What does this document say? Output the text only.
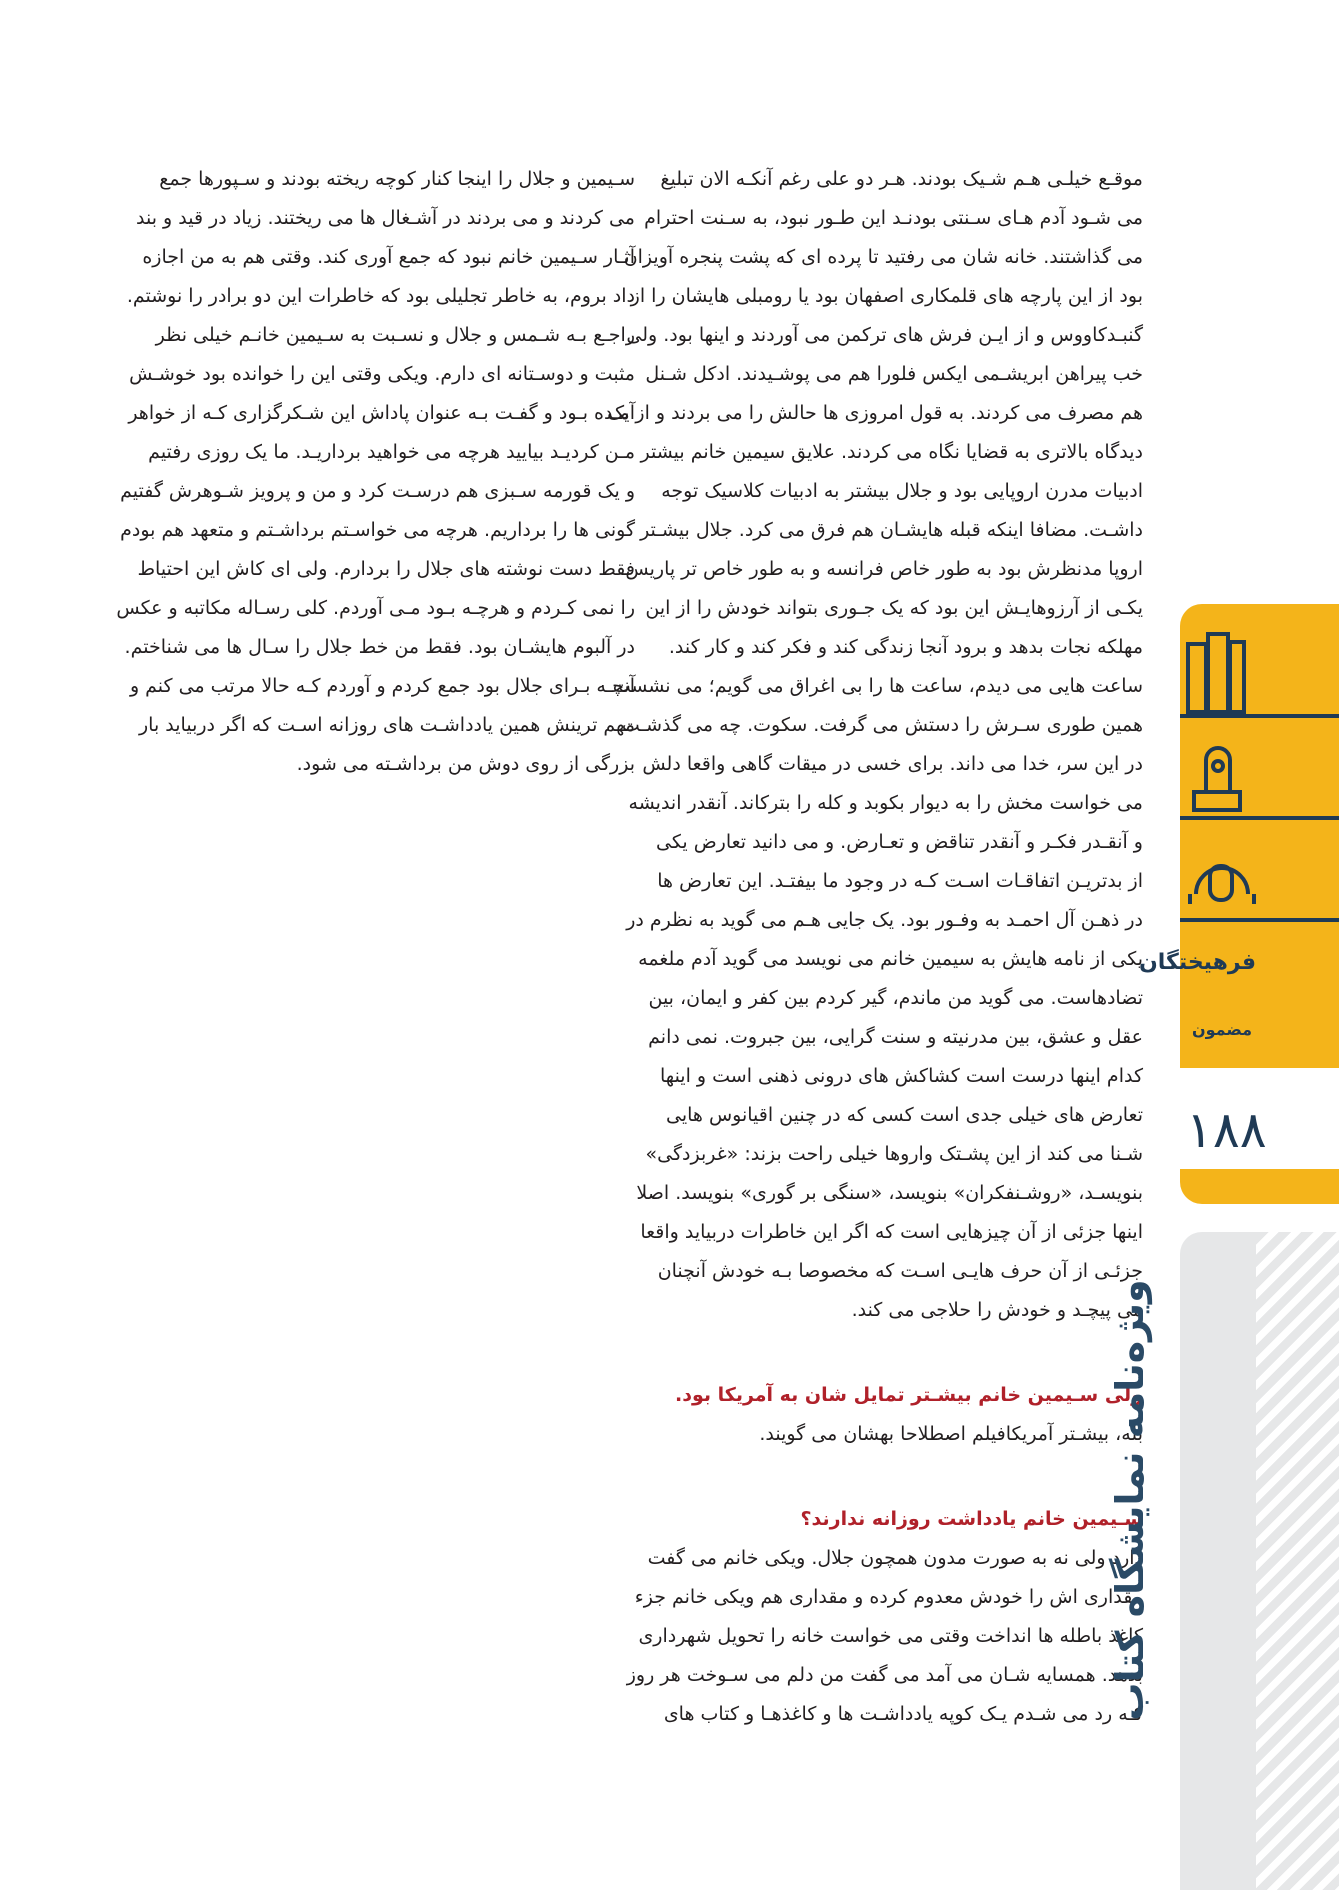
موقـع خیلـی هـم شـیک بودند. هـر دو علی رغم آنکـه الان تبلیغ
می شـود آدم هـای سـنتی بودنـد این طـور نبود، به سـنت احترام
می گذاشتند. خانه شان می رفتید تا پرده ای که پشت پنجره آویزان
بود از این پارچه های قلمکاری اصفهان بود یا رومبلی هایشان را از
گنبـدکاووس و از ایـن فرش های ترکمن می آوردند و اینها بود. ولی
خب پیراهن ابریشـمی ایکس فلورا هم می پوشـیدند. ادکل شـنل
هم مصرف می کردند. به قول امروزی ها حالش را می بردند و از یک
دیدگاه بالاتری به قضایا نگاه می کردند. علایق سیمین خانم بیشتر
ادبیات مدرن اروپایی بود و جلال بیشتر به ادبیات کلاسیک توجه
داشـت. مضافا اینکه قبله هایشـان هم فرق می کرد. جلال بیشـتر
اروپا مدنظرش بود به طور خاص فرانسه و به طور خاص تر پاریس.
یکـی از آرزوهایـش این بود که یک جـوری بتواند خودش را از این
مهلکه نجات بدهد و برود آنجا زندگی کند و فکر کند و کار کند.
ساعت هایی می دیدم، ساعت ها را بی اغراق می گویم؛ می نشست
همین طوری سـرش را دستش می گرفت. سکوت. چه می گذشـت
در این سر، خدا می داند. برای خسی در میقات گاهی واقعا دلش
می خواست مخش را به دیوار بکوبد و کله را بترکاند. آنقدر اندیشه
و آنقـدر فکـر و آنقدر تناقض و تعـارض. و می دانید تعارض یکی
از بدتریـن اتفاقـات اسـت کـه در وجود ما بیفتـد. این تعارض ها
در ذهـن آل احمـد به وفـور بود. یک جایی هـم می گوید به نظرم در
یکی از نامه هایش به سیمین خانم می نویسد می گوید آدم ملغمه
تضادهاست. می گوید من ماندم، گیر کردم بین کفر و ایمان، بین
عقل و عشق، بین مدرنیته و سنت گرایی، بین جبروت. نمی دانم
کدام اینها درست است کشاکش های درونی ذهنی است و اینها
تعارض های خیلی جدی است کسی که در چنین اقیانوس هایی
شـنا می کند از این پشـتک واروها خیلی راحت بزند: «غربزدگی»
بنویسـد، «روشـنفکران» بنویسد، «سنگی بر گوری» بنویسد. اصلا
اینها جزئی از آن چیزهایی است که اگر این خاطرات دربیاید واقعا
جزئـی از آن حرف هایـی اسـت که مخصوصا بـه خودش آنچنان
می پیچـد و خودش را حلاجی می کند.

ولی سـیمین خانم بیشـتر تمایل شان به آمریکا بود.

بله، بیشـتر آمریکافیلم اصطلاحا بهشان می گویند.

سـیمین خانم یادداشت روزانه ندارند؟

دارد ولی نه به صورت مدون همچون جلال. ویکی خانم می گفت
مقداری اش را خودش معدوم کرده و مقداری هم ویکی خانم جزء
کاغذ باطله ها انداخت وقتی می خواست خانه را تحویل شهرداری
بدهد. همسایه شـان می آمد می گفت من دلم می سـوخت هر روز
کـه رد می شـدم یـک کوپه یادداشـت ها و کاغذهـا و کتاب های

سـیمین و جلال را اینجا کنار کوچه ریخته بودند و سـپورها جمع
می کردند و می بردند در آشـغال ها می ریختند. زیاد در قید و بند
آثـار سـیمین خانم نبود که جمع آوری کند. وقتی هم به من اجازه
داد بروم، به خاطر تجلیلی بود که خاطرات این دو برادر را نوشتم.
راجـع بـه شـمس و جلال و نسـبت به سـیمین خانـم خیلی نظر
مثبت و دوسـتانه ای دارم. ویکی وقتی این را خوانده بود خوشـش
آمـده بـود و گفـت بـه عنوان پاداش این شـکرگزاری کـه از خواهر
مـن کردیـد بیایید هرچه می خواهید برداریـد. ما یک روزی رفتیم
و یک قورمه سـبزی هم درسـت کرد و من و پرویز شـوهرش گفتیم
گونی ها را برداریم. هرچه می خواسـتم برداشـتم و متعهد هم بودم
فقط دست نوشته های جلال را بردارم. ولی ای کاش این احتیاط
را نمی کـردم و هرچـه بـود مـی آوردم. کلی رسـاله مکاتبه و عکس
در آلبوم هایشـان بود. فقط من خط جلال را سـال ها می شناختم.
آنچـه بـرای جلال بود جمع کردم و آوردم کـه حالا مرتب می کنم و
مهم ترینش همین یادداشـت های روزانه اسـت که اگر دربیاید بار
بزرگی از روی دوش من برداشـته می شود.

فرهیختگان
مضمون
۱۸۸
ویژه‌نامه نمایشگاه کتاب
